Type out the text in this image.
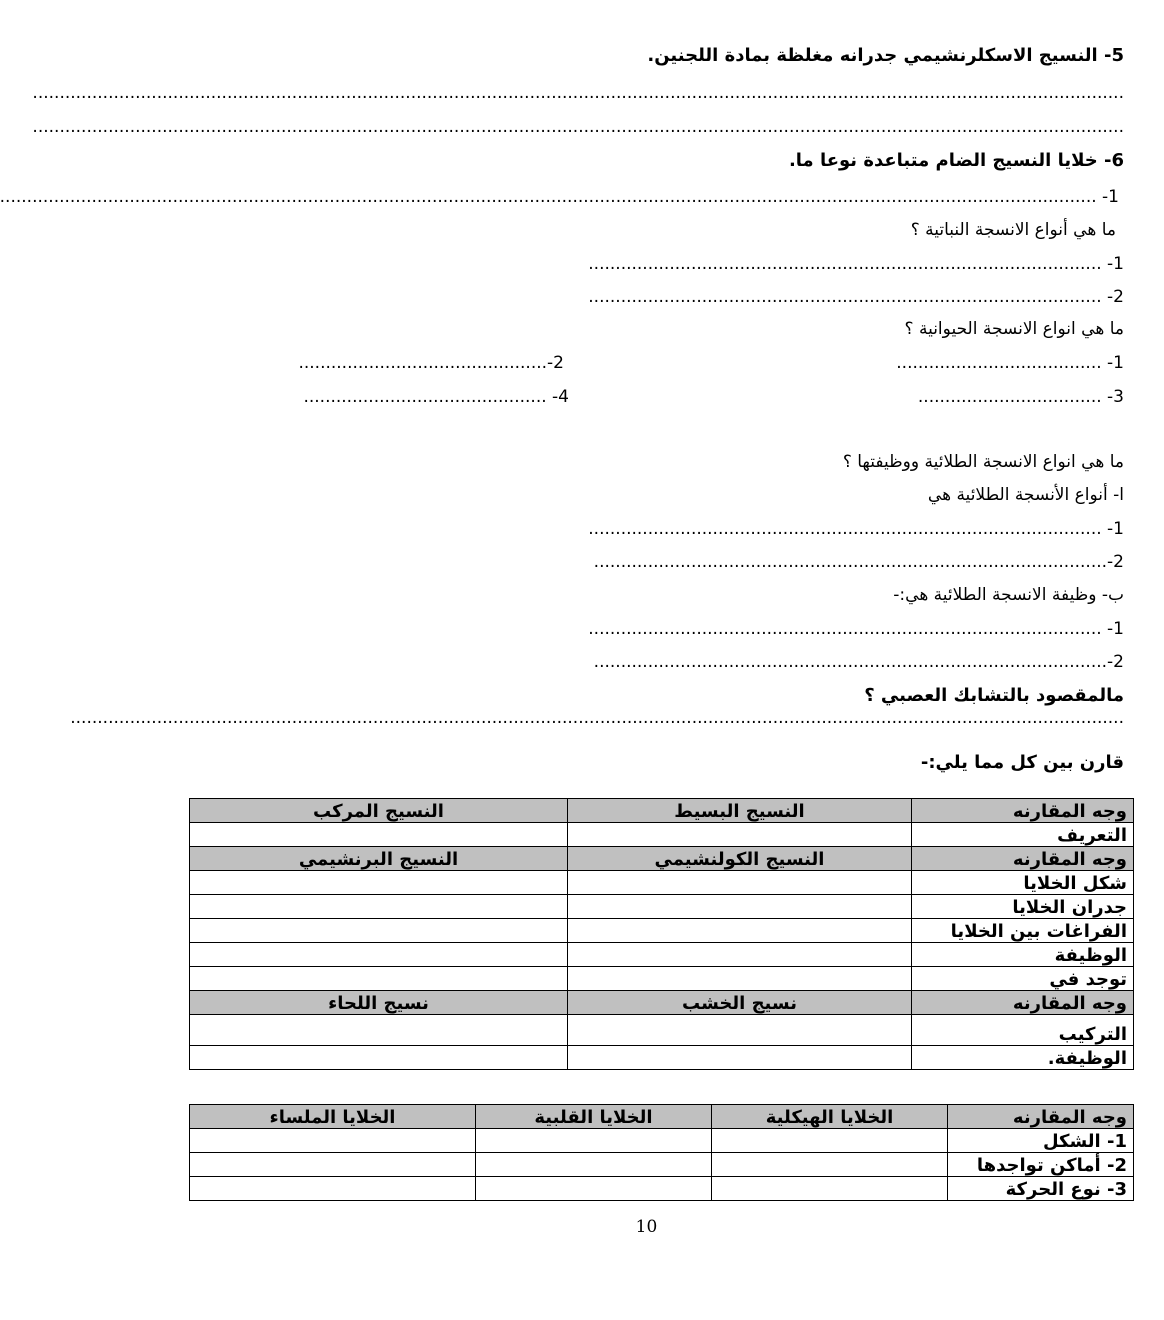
5- النسيج الاسكلرنشيمي جدرانه مغلظة بمادة اللجنين.
..........................................................................................................................................................................................................
..........................................................................................................................................................................................................
6- خلايا النسيج الضام متباعدة نوعا ما.
1- ...........................................................................................................................................................................................................
ما هي أنواع الانسجة النباتية ؟
1- ...............................................................................................
2- ...............................................................................................
ما هي انواع الانسجة الحيوانية ؟
1- ......................................
2-..............................................
3- ..................................
4- .............................................
ما هي انواع الانسجة الطلائية ووظيفتها ؟
ا- أنواع الأنسجة الطلائية هي
1- ...............................................................................................
2-...............................................................................................
ب- وظيفة الانسجة الطلائية هي:-
1- ...............................................................................................
2-...............................................................................................
مالمقصود بالتشابك العصبي ؟
...................................................................................................................................................................................................
قارن بين كل مما يلي:-
وجه المقارنه	النسيج البسيط	النسيج المركب
التعريف		
وجه المقارنه	النسيج الكولنشيمي	النسيج البرنشيمي
شكل الخلايا		
جدران الخلايا		
الفراغات بين الخلايا		
الوظيفة		
توجد في		
وجه المقارنه	نسيج الخشب	نسيج اللحاء
التركيب		
الوظيفة.		
وجه المقارنه	الخلايا الهيكلية	الخلايا القلبية	الخلايا الملساء
1- الشكل			
2- أماكن تواجدها			
3- نوع الحركة			
10
